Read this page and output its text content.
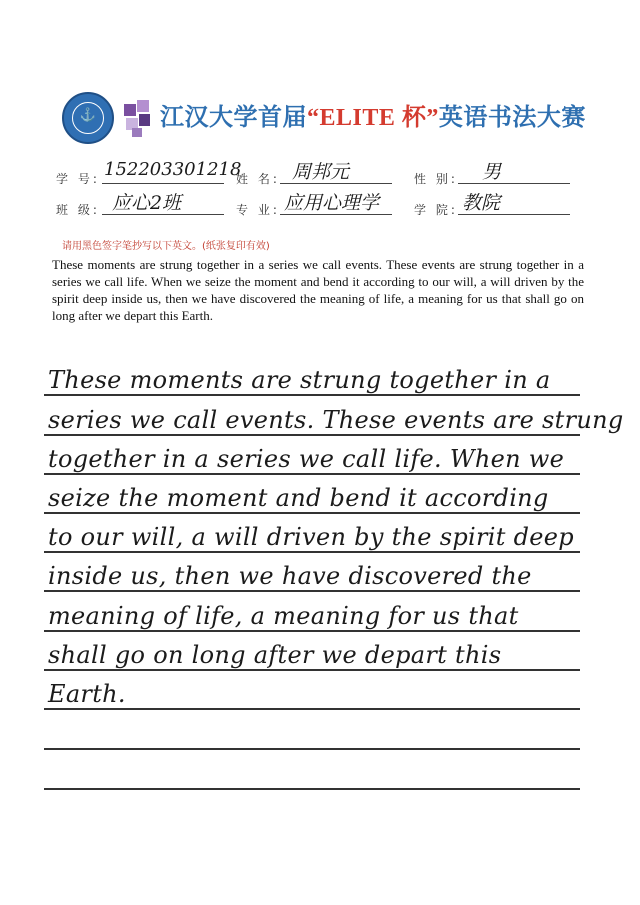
⚓	江汉大学首届“ELITE 杯”英语书法大赛
学 号: 152203301218
姓 名: 周邦元	性 别: 男
班 级: 应心2班	专 业: 应用心理学	学 院: 教院
请用黑色签字笔抄写以下英文。(纸张复印有效)
These moments are strung together in a series we call events. These events are strung together in a series we call life. When we seize the moment and bend it according to our will, a will driven by the spirit deep inside us, then we have discovered the meaning of life, a meaning for us that shall go on long after we depart this Earth.
These moments are strung together in a
series we call events. These events are strung
together in a series we call life. When we
seize the moment and bend it according
to our will, a will driven by the spirit deep
inside us, then we have discovered the
meaning of life, a meaning for us that
shall go on long after we depart this
Earth.
